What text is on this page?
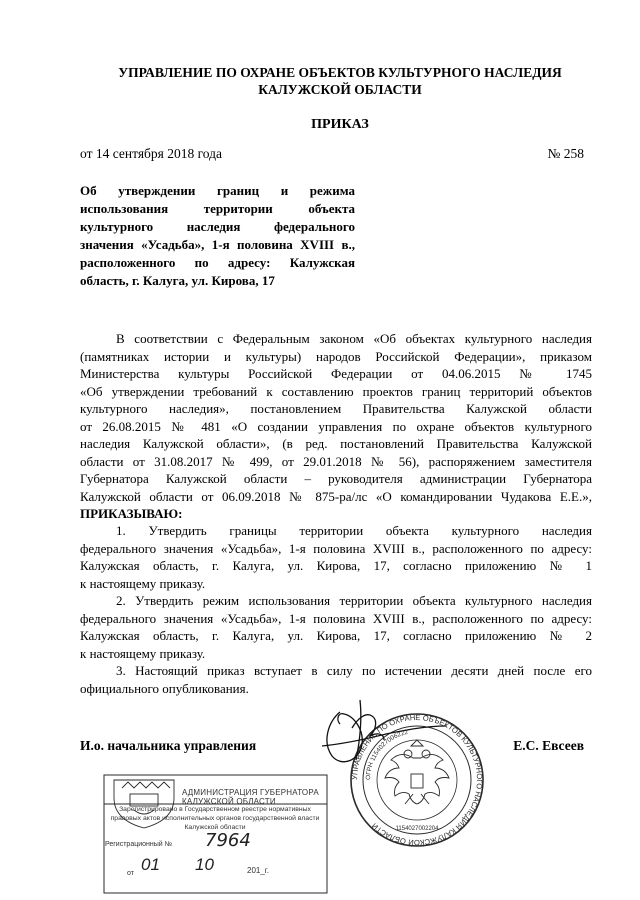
УПРАВЛЕНИЕ ПО ОХРАНЕ ОБЪЕКТОВ КУЛЬТУРНОГО НАСЛЕДИЯ
КАЛУЖСКОЙ ОБЛАСТИ
ПРИКАЗ
от 14 сентября 2018 года	№ 258
Об утверждении границ и режима
использования территории объекта
культурного наследия федерального
значения «Усадьба», 1-я половина XVIII в.,
расположенного по адресу: Калужская
область, г. Калуга, ул. Кирова, 17
В соответствии с Федеральным законом «Об объектах культурного наследия
(памятниках истории и культуры) народов Российской Федерации», приказом
Министерства культуры Российской Федерации от 04.06.2015 № 1745
«Об утверждении требований к составлению проектов границ территорий объектов
культурного наследия», постановлением Правительства Калужской области
от 26.08.2015 № 481 «О создании управления по охране объектов культурного
наследия Калужской области», (в ред. постановлений Правительства Калужской
области от 31.08.2017 № 499, от 29.01.2018 № 56), распоряжением заместителя
Губернатора Калужской области – руководителя администрации Губернатора
Калужской области от 06.09.2018 № 875-ра/лс «О командировании Чудакова Е.Е.»,
ПРИКАЗЫВАЮ:
1. Утвердить границы территории объекта культурного наследия
федерального значения «Усадьба», 1-я половина XVIII в., расположенного по адресу:
Калужская область, г. Калуга, ул. Кирова, 17, согласно приложению № 1
к настоящему приказу.
2. Утвердить режим использования территории объекта культурного наследия
федерального значения «Усадьба», 1-я половина XVIII в., расположенного по адресу:
Калужская область, г. Калуга, ул. Кирова, 17, согласно приложению № 2
к настоящему приказу.
3. Настоящий приказ вступает в силу по истечении десяти дней после его
официального опубликования.
И.о. начальника управления	Е.С. Евсеев
УПРАВЛЕНИЕ ПО ОХРАНЕ ОБЪЕКТОВ КУЛЬТУРНОГО НАСЛЕДИЯ КАЛУЖСКОЙ ОБЛАСТИ
ОГРН 1154027006222
1154027002204
АДМИНИСТРАЦИЯ ГУБЕРНАТОРА КАЛУЖСКОЙ ОБЛАСТИ
Зарегистрировано в Государственном реестре нормативных
правовых актов исполнительных органов государственной власти
Калужской области
Регистрационный № 7964
от 01 10	201_г.
